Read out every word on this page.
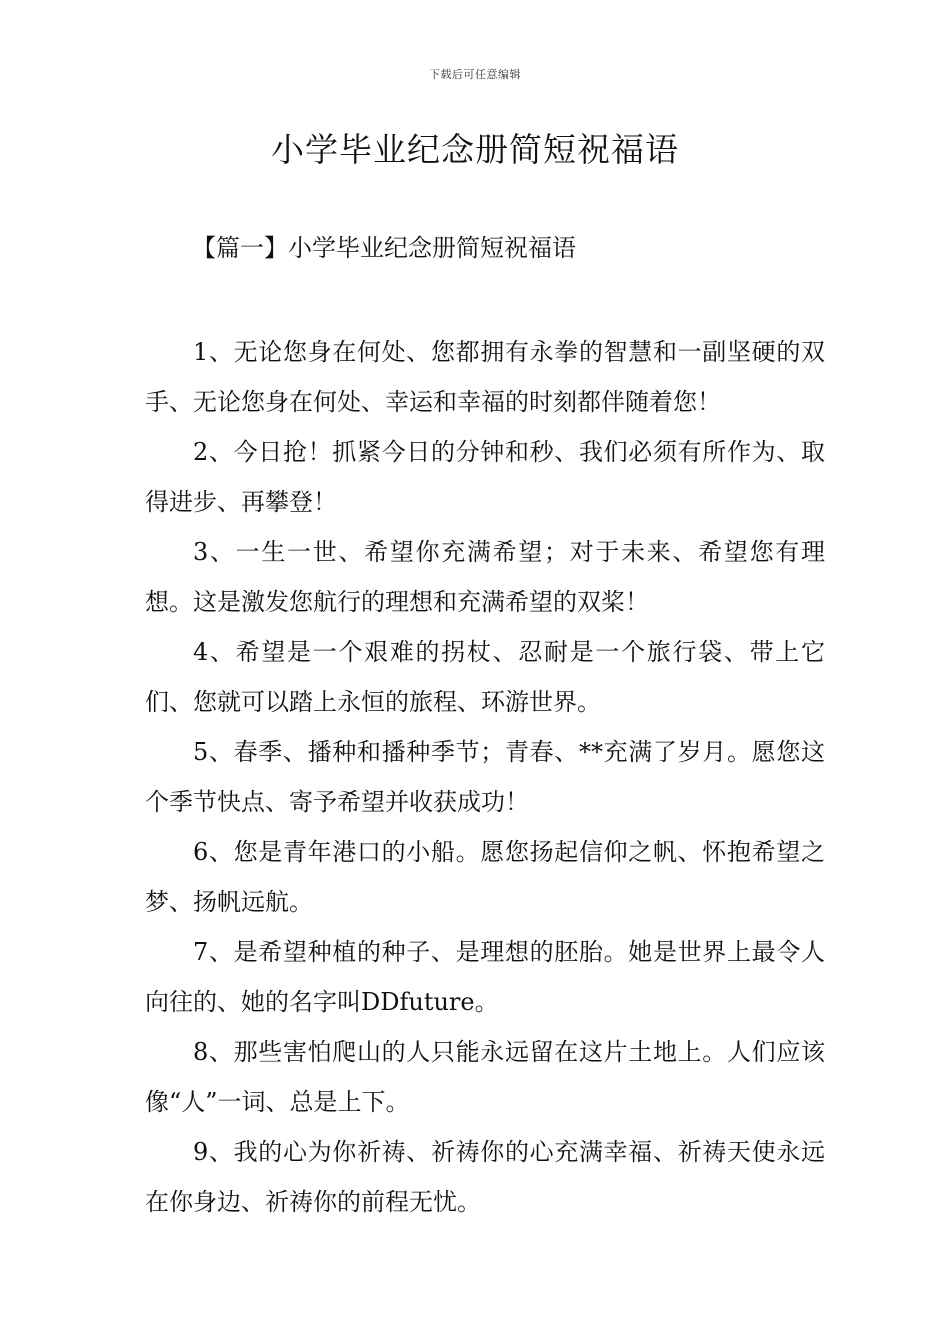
下载后可任意编辑
小学毕业纪念册简短祝福语
【篇一】小学毕业纪念册简短祝福语

1、无论您身在何处、您都拥有永拳的智慧和一副坚硬的双手、无论您身在何处、幸运和幸福的时刻都伴随着您！

2、今日抢！抓紧今日的分钟和秒、我们必须有所作为、取得进步、再攀登！

3、一生一世、希望你充满希望；对于未来、希望您有理想。这是激发您航行的理想和充满希望的双桨！

4、希望是一个艰难的拐杖、忍耐是一个旅行袋、带上它们、您就可以踏上永恒的旅程、环游世界。

5、春季、播种和播种季节；青春、**充满了岁月。愿您这个季节快点、寄予希望并收获成功！

6、您是青年港口的小船。愿您扬起信仰之帆、怀抱希望之梦、扬帆远航。

7、是希望种植的种子、是理想的胚胎。她是世界上最令人向往的、她的名字叫DDfuture。

8、那些害怕爬山的人只能永远留在这片土地上。人们应该像“人”一词、总是上下。

9、我的心为你祈祷、祈祷你的心充满幸福、祈祷天使永远在你身边、祈祷你的前程无忧。
